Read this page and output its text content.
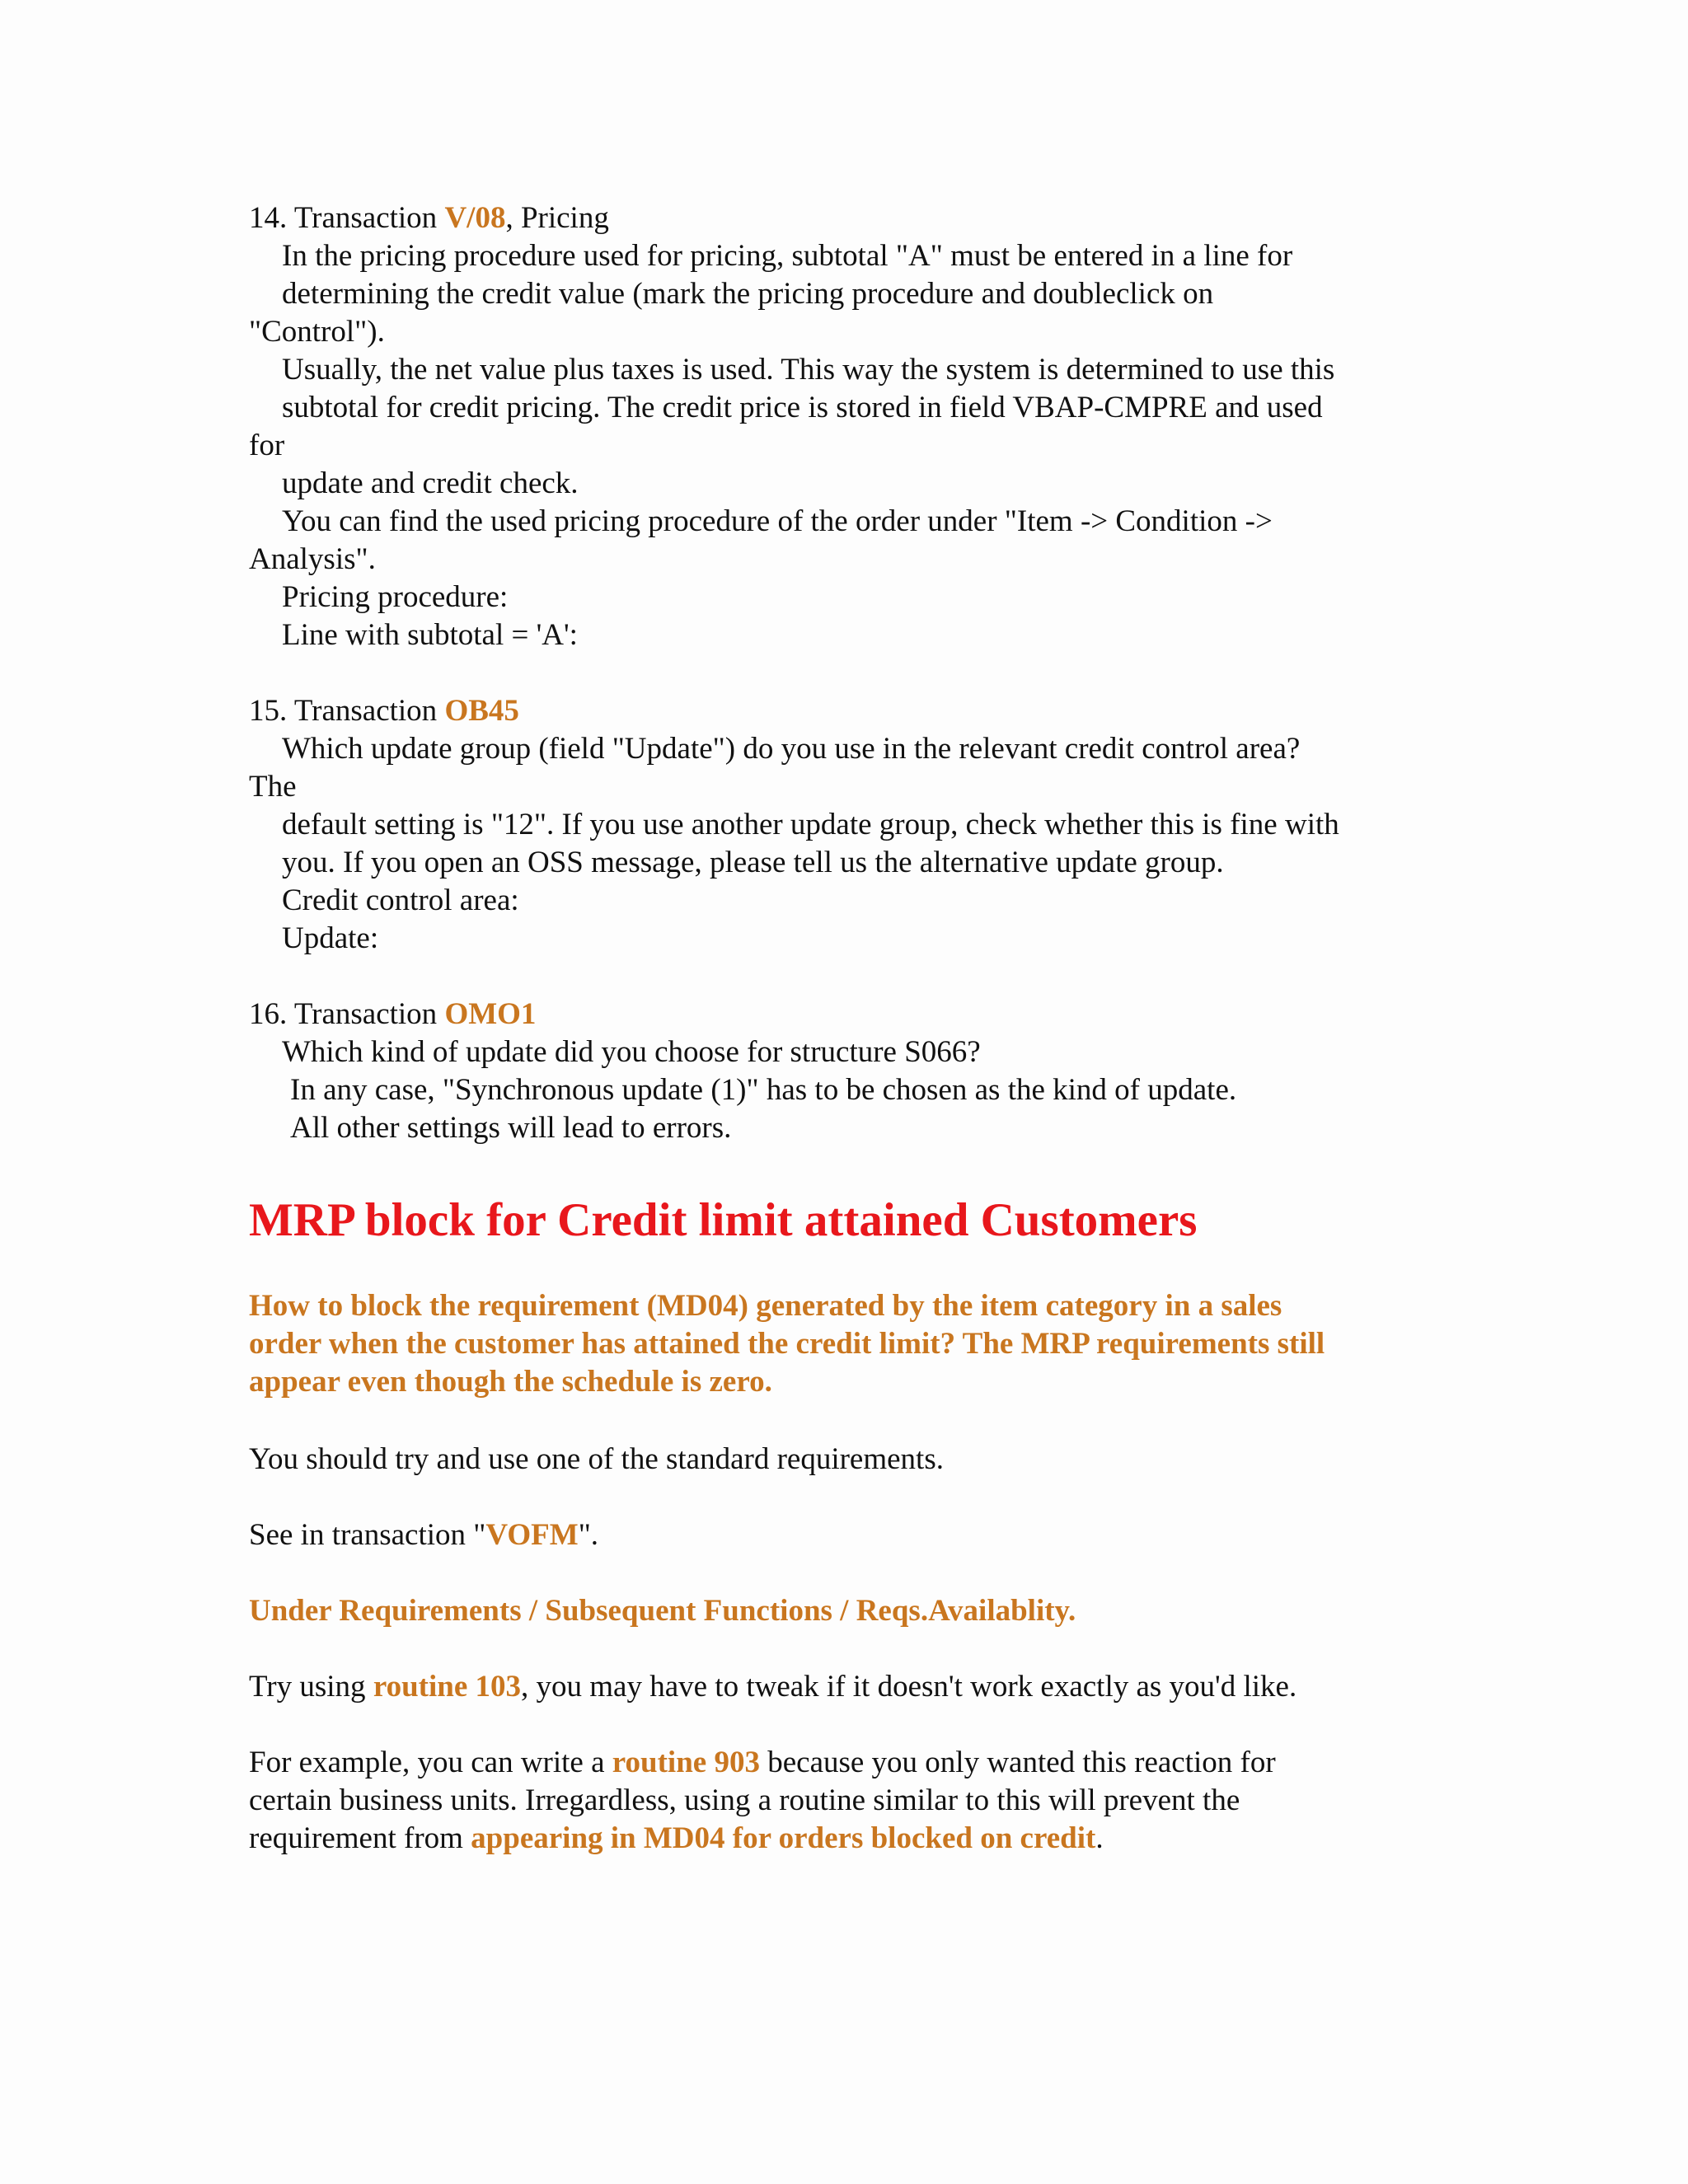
14. Transaction V/08, Pricing
In the pricing procedure used for pricing, subtotal "A" must be entered in a line for
determining the credit value (mark the pricing procedure and doubleclick on
"Control").
Usually, the net value plus taxes is used. This way the system is determined to use this
subtotal for credit pricing. The credit price is stored in field VBAP-CMPRE and used
for
update and credit check.
You can find the used pricing procedure of the order under "Item -> Condition ->
Analysis".
Pricing procedure:
Line with subtotal = 'A':
15. Transaction OB45
Which update group (field "Update") do you use in the relevant credit control area?
The
default setting is "12". If you use another update group, check whether this is fine with
you. If you open an OSS message, please tell us the alternative update group.
Credit control area:
Update:
16. Transaction OMO1
Which kind of update did you choose for structure S066?
In any case, "Synchronous update (1)" has to be chosen as the kind of update.
All other settings will lead to errors.
MRP block for Credit limit attained Customers
How to block the requirement (MD04) generated by the item category in a sales
order when the customer has attained the credit limit? The MRP requirements still
appear even though the schedule is zero.
You should try and use one of the standard requirements.
See in transaction "VOFM".
Under Requirements / Subsequent Functions / Reqs.Availablity.
Try using routine 103, you may have to tweak if it doesn't work exactly as you'd like.
For example, you can write a routine 903 because you only wanted this reaction for
certain business units. Irregardless, using a routine similar to this will prevent the
requirement from appearing in MD04 for orders blocked on credit.
